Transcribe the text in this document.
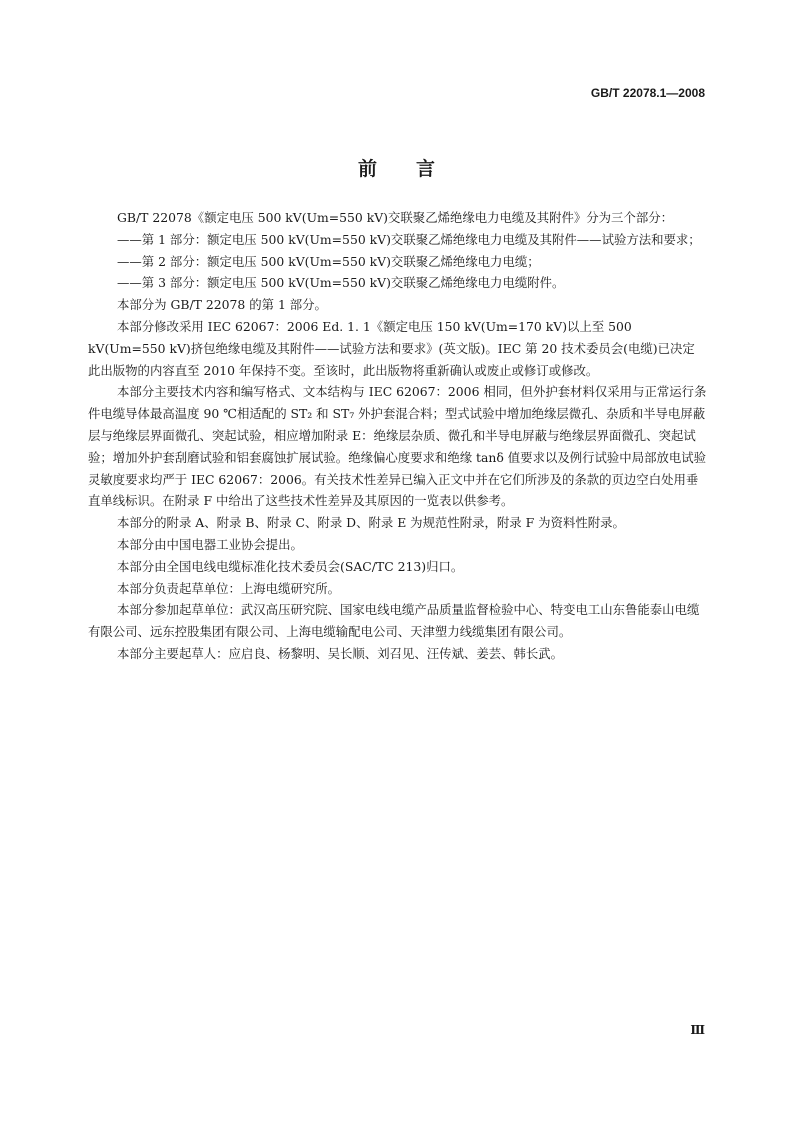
GB/T 22078.1—2008
前 言

GB/T 22078《额定电压 500 kV(Um=550 kV)交联聚乙烯绝缘电力电缆及其附件》分为三个部分：

——第 1 部分：额定电压 500 kV(Um=550 kV)交联聚乙烯绝缘电力电缆及其附件——试验方法和要求；

——第 2 部分：额定电压 500 kV(Um=550 kV)交联聚乙烯绝缘电力电缆；

——第 3 部分：额定电压 500 kV(Um=550 kV)交联聚乙烯绝缘电力电缆附件。

本部分为 GB/T 22078 的第 1 部分。

本部分修改采用 IEC 62067：2006 Ed. 1. 1《额定电压 150 kV(Um=170 kV)以上至 500 kV(Um=550 kV)挤包绝缘电缆及其附件——试验方法和要求》(英文版)。IEC 第 20 技术委员会(电缆)已决定此出版物的内容直至 2010 年保持不变。至该时，此出版物将重新确认或废止或修订或修改。

本部分主要技术内容和编写格式、文本结构与 IEC 62067：2006 相同，但外护套材料仅采用与正常运行条件电缆导体最高温度 90 ℃相适配的 ST₂ 和 ST₇ 外护套混合料；型式试验中增加绝缘层微孔、杂质和半导电屏蔽层与绝缘层界面微孔、突起试验，相应增加附录 E：绝缘层杂质、微孔和半导电屏蔽与绝缘层界面微孔、突起试验；增加外护套刮磨试验和铝套腐蚀扩展试验。绝缘偏心度要求和绝缘 tanδ 值要求以及例行试验中局部放电试验灵敏度要求均严于 IEC 62067：2006。有关技术性差异已编入正文中并在它们所涉及的条款的页边空白处用垂直单线标识。在附录 F 中给出了这些技术性差异及其原因的一览表以供参考。

本部分的附录 A、附录 B、附录 C、附录 D、附录 E 为规范性附录，附录 F 为资料性附录。

本部分由中国电器工业协会提出。

本部分由全国电线电缆标准化技术委员会(SAC/TC 213)归口。

本部分负责起草单位：上海电缆研究所。

本部分参加起草单位：武汉高压研究院、国家电线电缆产品质量监督检验中心、特变电工山东鲁能泰山电缆有限公司、远东控股集团有限公司、上海电缆输配电公司、天津塑力线缆集团有限公司。

本部分主要起草人：应启良、杨黎明、吴长顺、刘召见、汪传斌、姜芸、韩长武。

Ⅲ
